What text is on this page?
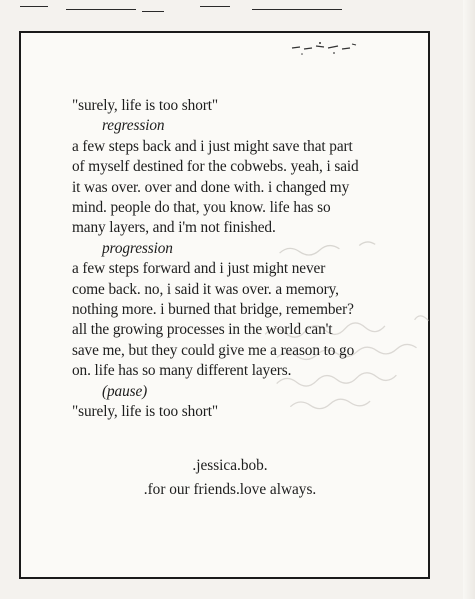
"surely, life is too short"
regression
a few steps back and i just might save that part
of myself destined for the cobwebs. yeah, i said
it was over. over and done with. i changed my
mind. people do that, you know. life has so
many layers, and i'm not finished.
progression
a few steps forward and i just might never
come back. no, i said it was over. a memory,
nothing more. i burned that bridge, remember?
all the growing processes in the world can't
save me, but they could give me a reason to go
on. life has so many different layers.
(pause)
"surely, life is too short"
.jessica.bob.
.for our friends.love always.
